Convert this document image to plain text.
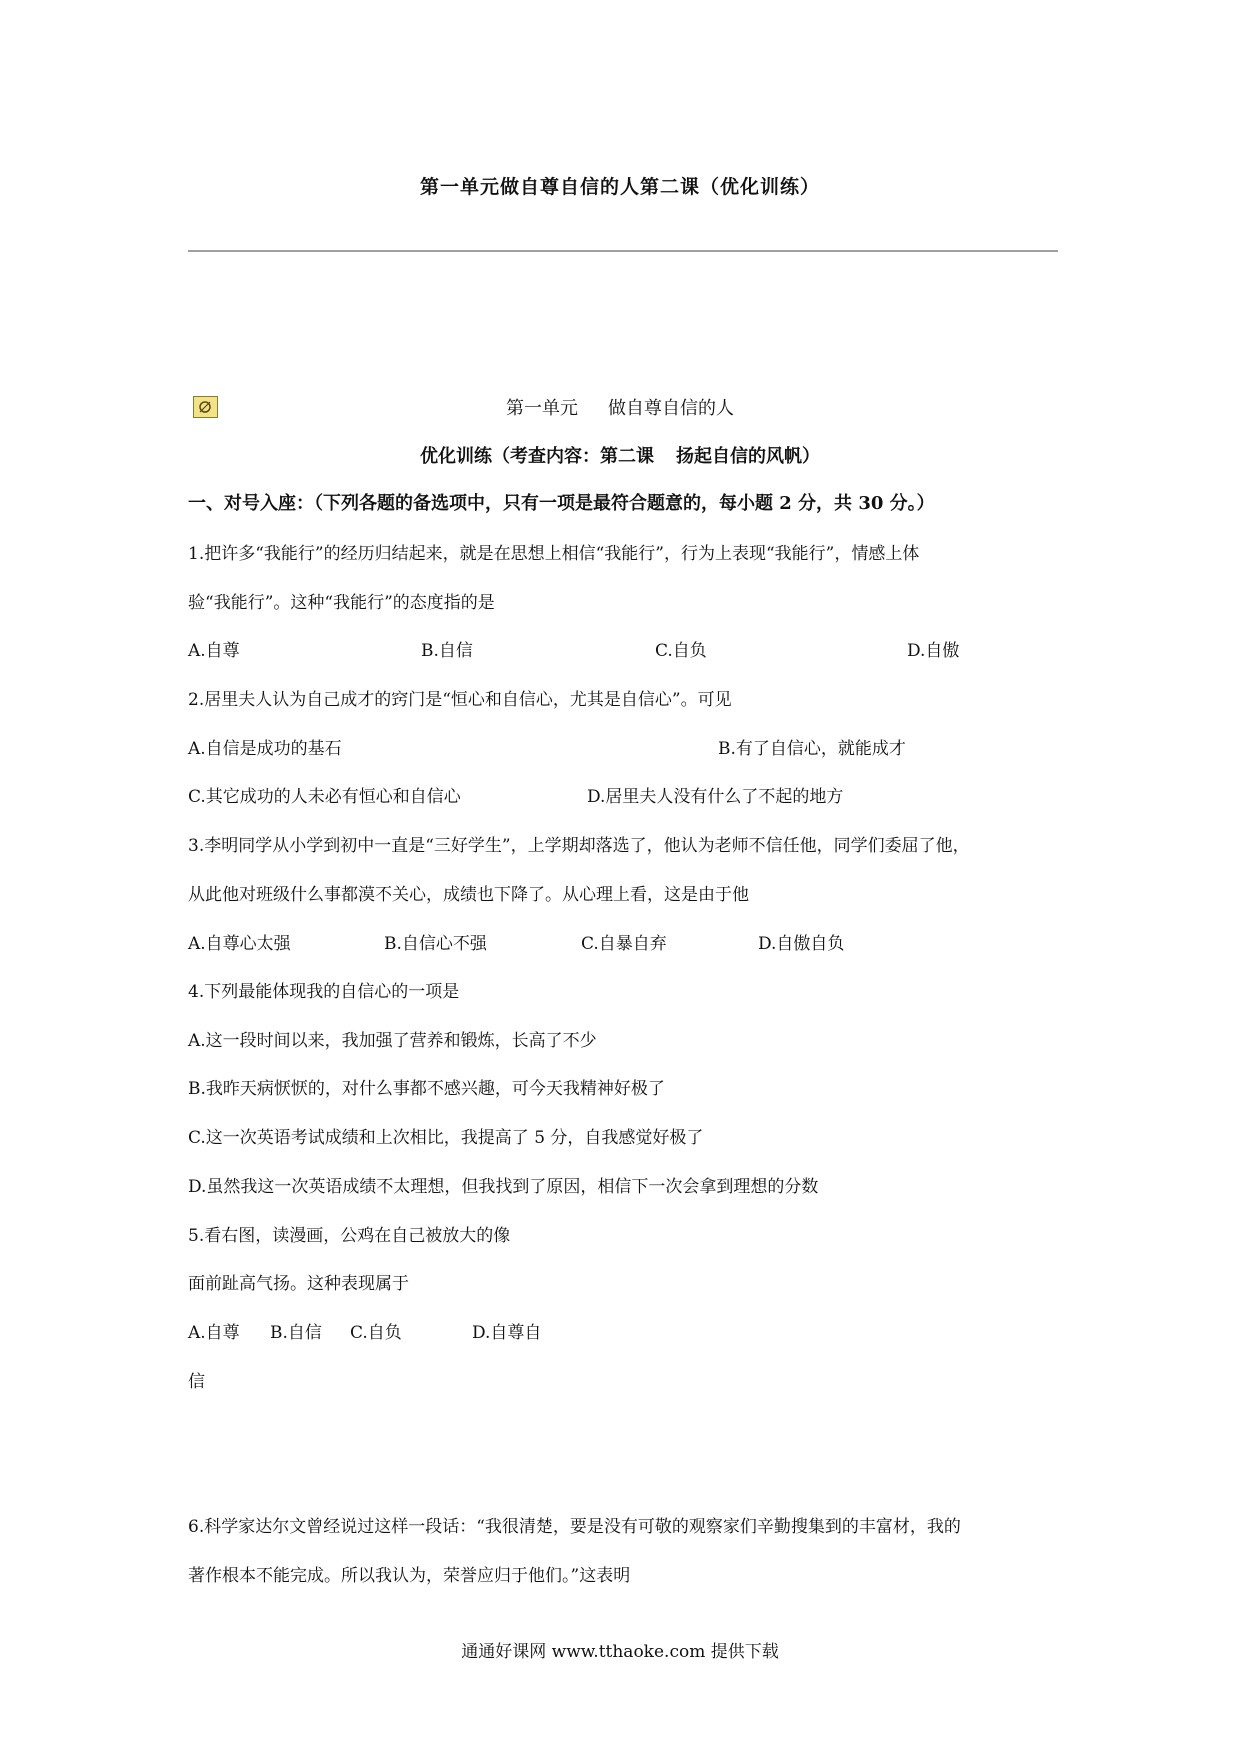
第一单元做自尊自信的人第二课（优化训练）
第一单元 做自尊自信的人
优化训练（考查内容：第二课 扬起自信的风帆）
一、对号入座：（下列各题的备选项中，只有一项是最符合题意的，每小题 2 分，共 30 分。）
1.把许多“我能行”的经历归结起来，就是在思想上相信“我能行”，行为上表现“我能行”，情感上体
验“我能行”。这种“我能行”的态度指的是
A.自尊	B.自信	C.自负	D.自傲
2.居里夫人认为自己成才的窍门是“恒心和自信心，尤其是自信心”。可见
A.自信是成功的基石	B.有了自信心，就能成才
C.其它成功的人未必有恒心和自信心	D.居里夫人没有什么了不起的地方
3.李明同学从小学到初中一直是“三好学生”，上学期却落选了，他认为老师不信任他，同学们委屈了他，
从此他对班级什么事都漠不关心，成绩也下降了。从心理上看，这是由于他
A.自尊心太强	B.自信心不强	C.自暴自弃	D.自傲自负
4.下列最能体现我的自信心的一项是
A.这一段时间以来，我加强了营养和锻炼，长高了不少
B.我昨天病恹恹的，对什么事都不感兴趣，可今天我精神好极了
C.这一次英语考试成绩和上次相比，我提高了 5 分，自我感觉好极了
D.虽然我这一次英语成绩不太理想，但我找到了原因，相信下一次会拿到理想的分数
5.看右图，读漫画，公鸡在自己被放大的像
面前趾高气扬。这种表现属于
A.自尊 B.自信 C.自负	D.自尊自
信
6.科学家达尔文曾经说过这样一段话：“我很清楚，要是没有可敬的观察家们辛勤搜集到的丰富材，我的
著作根本不能完成。所以我认为，荣誉应归于他们。”这表明
通通好课网 www.tthaoke.com 提供下载
